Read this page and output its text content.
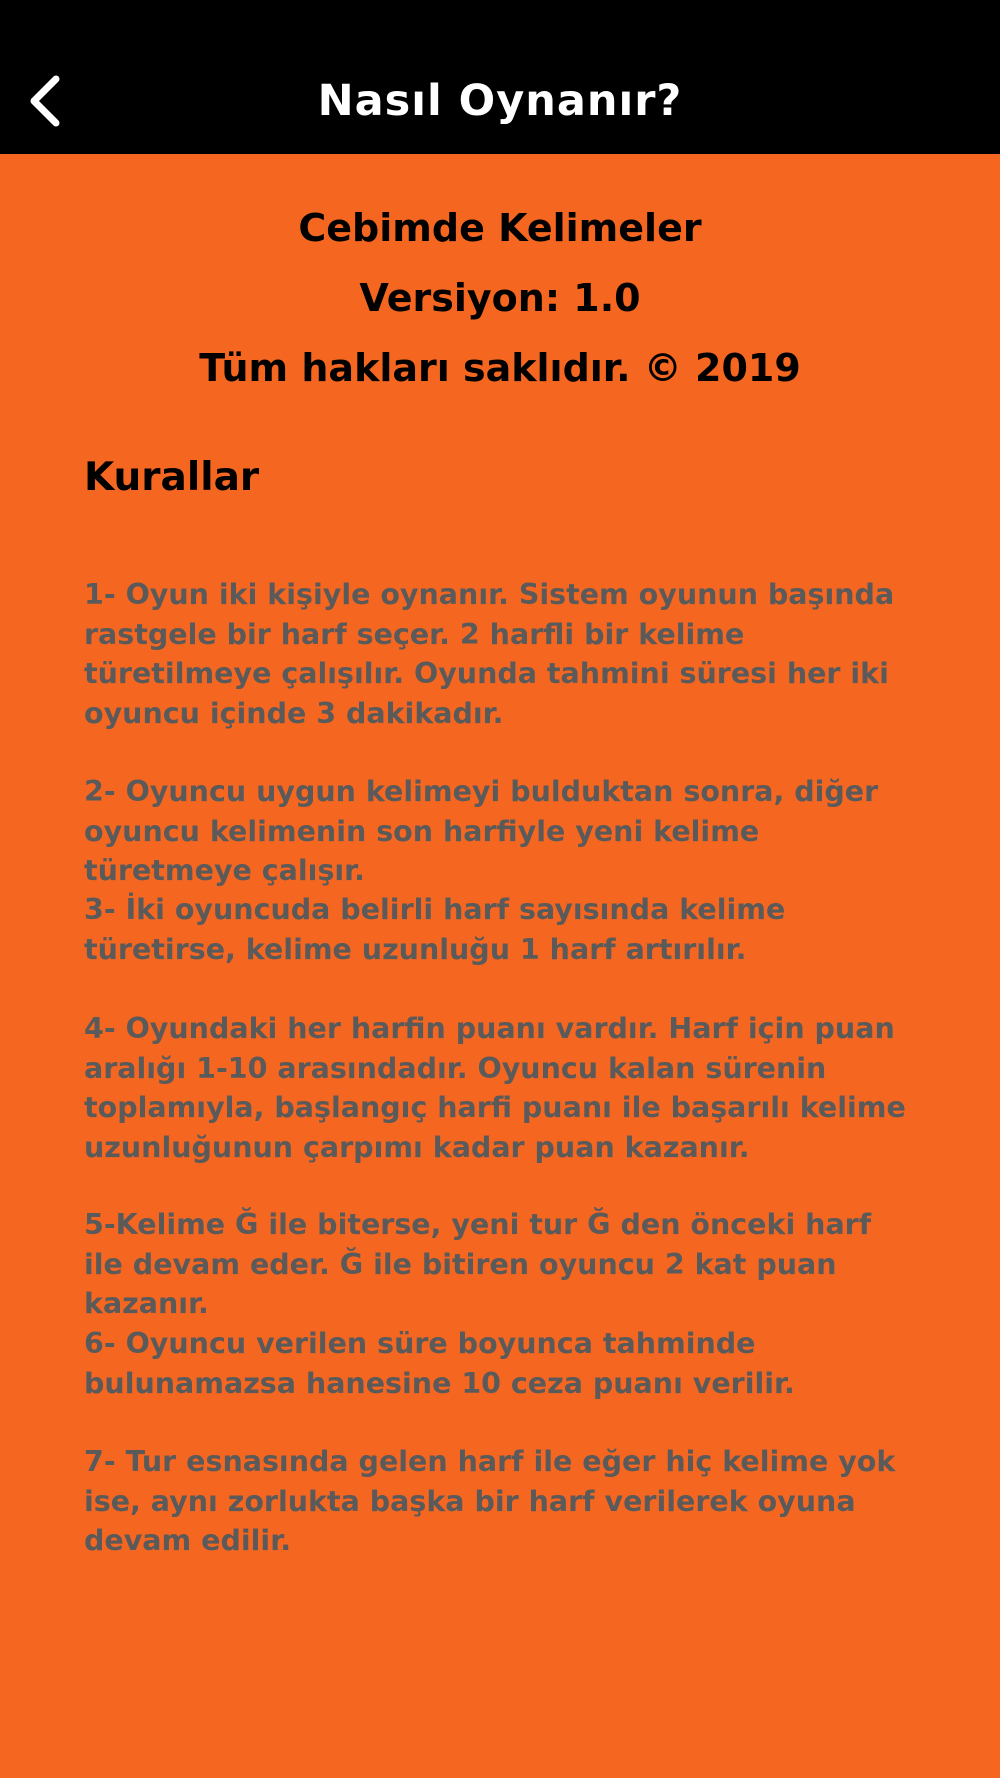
Nasıl Oynanır?
Cebimde Kelimeler
Versiyon: 1.0
Tüm hakları saklıdır. © 2019
Kurallar

1- Oyun iki kişiyle oynanır. Sistem oyunun başında rastgele bir harf seçer. 2 harfli bir kelime türetilmeye çalışılır. Oyunda tahmini süresi her iki oyuncu içinde 3 dakikadır.

2- Oyuncu uygun kelimeyi bulduktan sonra, diğer oyuncu kelimenin son harfiyle yeni kelime türetmeye çalışır.

3- İki oyuncuda belirli harf sayısında kelime türetirse, kelime uzunluğu 1 harf artırılır.

4- Oyundaki her harfin puanı vardır. Harf için puan aralığı 1-10 arasındadır. Oyuncu kalan sürenin toplamıyla, başlangıç harfi puanı ile başarılı kelime uzunluğunun çarpımı kadar puan kazanır.

5-Kelime Ğ ile biterse, yeni tur Ğ den önceki harf ile devam eder. Ğ ile bitiren oyuncu 2 kat puan kazanır.

6- Oyuncu verilen süre boyunca tahminde bulunamazsa hanesine 10 ceza puanı verilir.

7- Tur esnasında gelen harf ile eğer hiç kelime yok ise, aynı zorlukta başka bir harf verilerek oyuna devam edilir.
